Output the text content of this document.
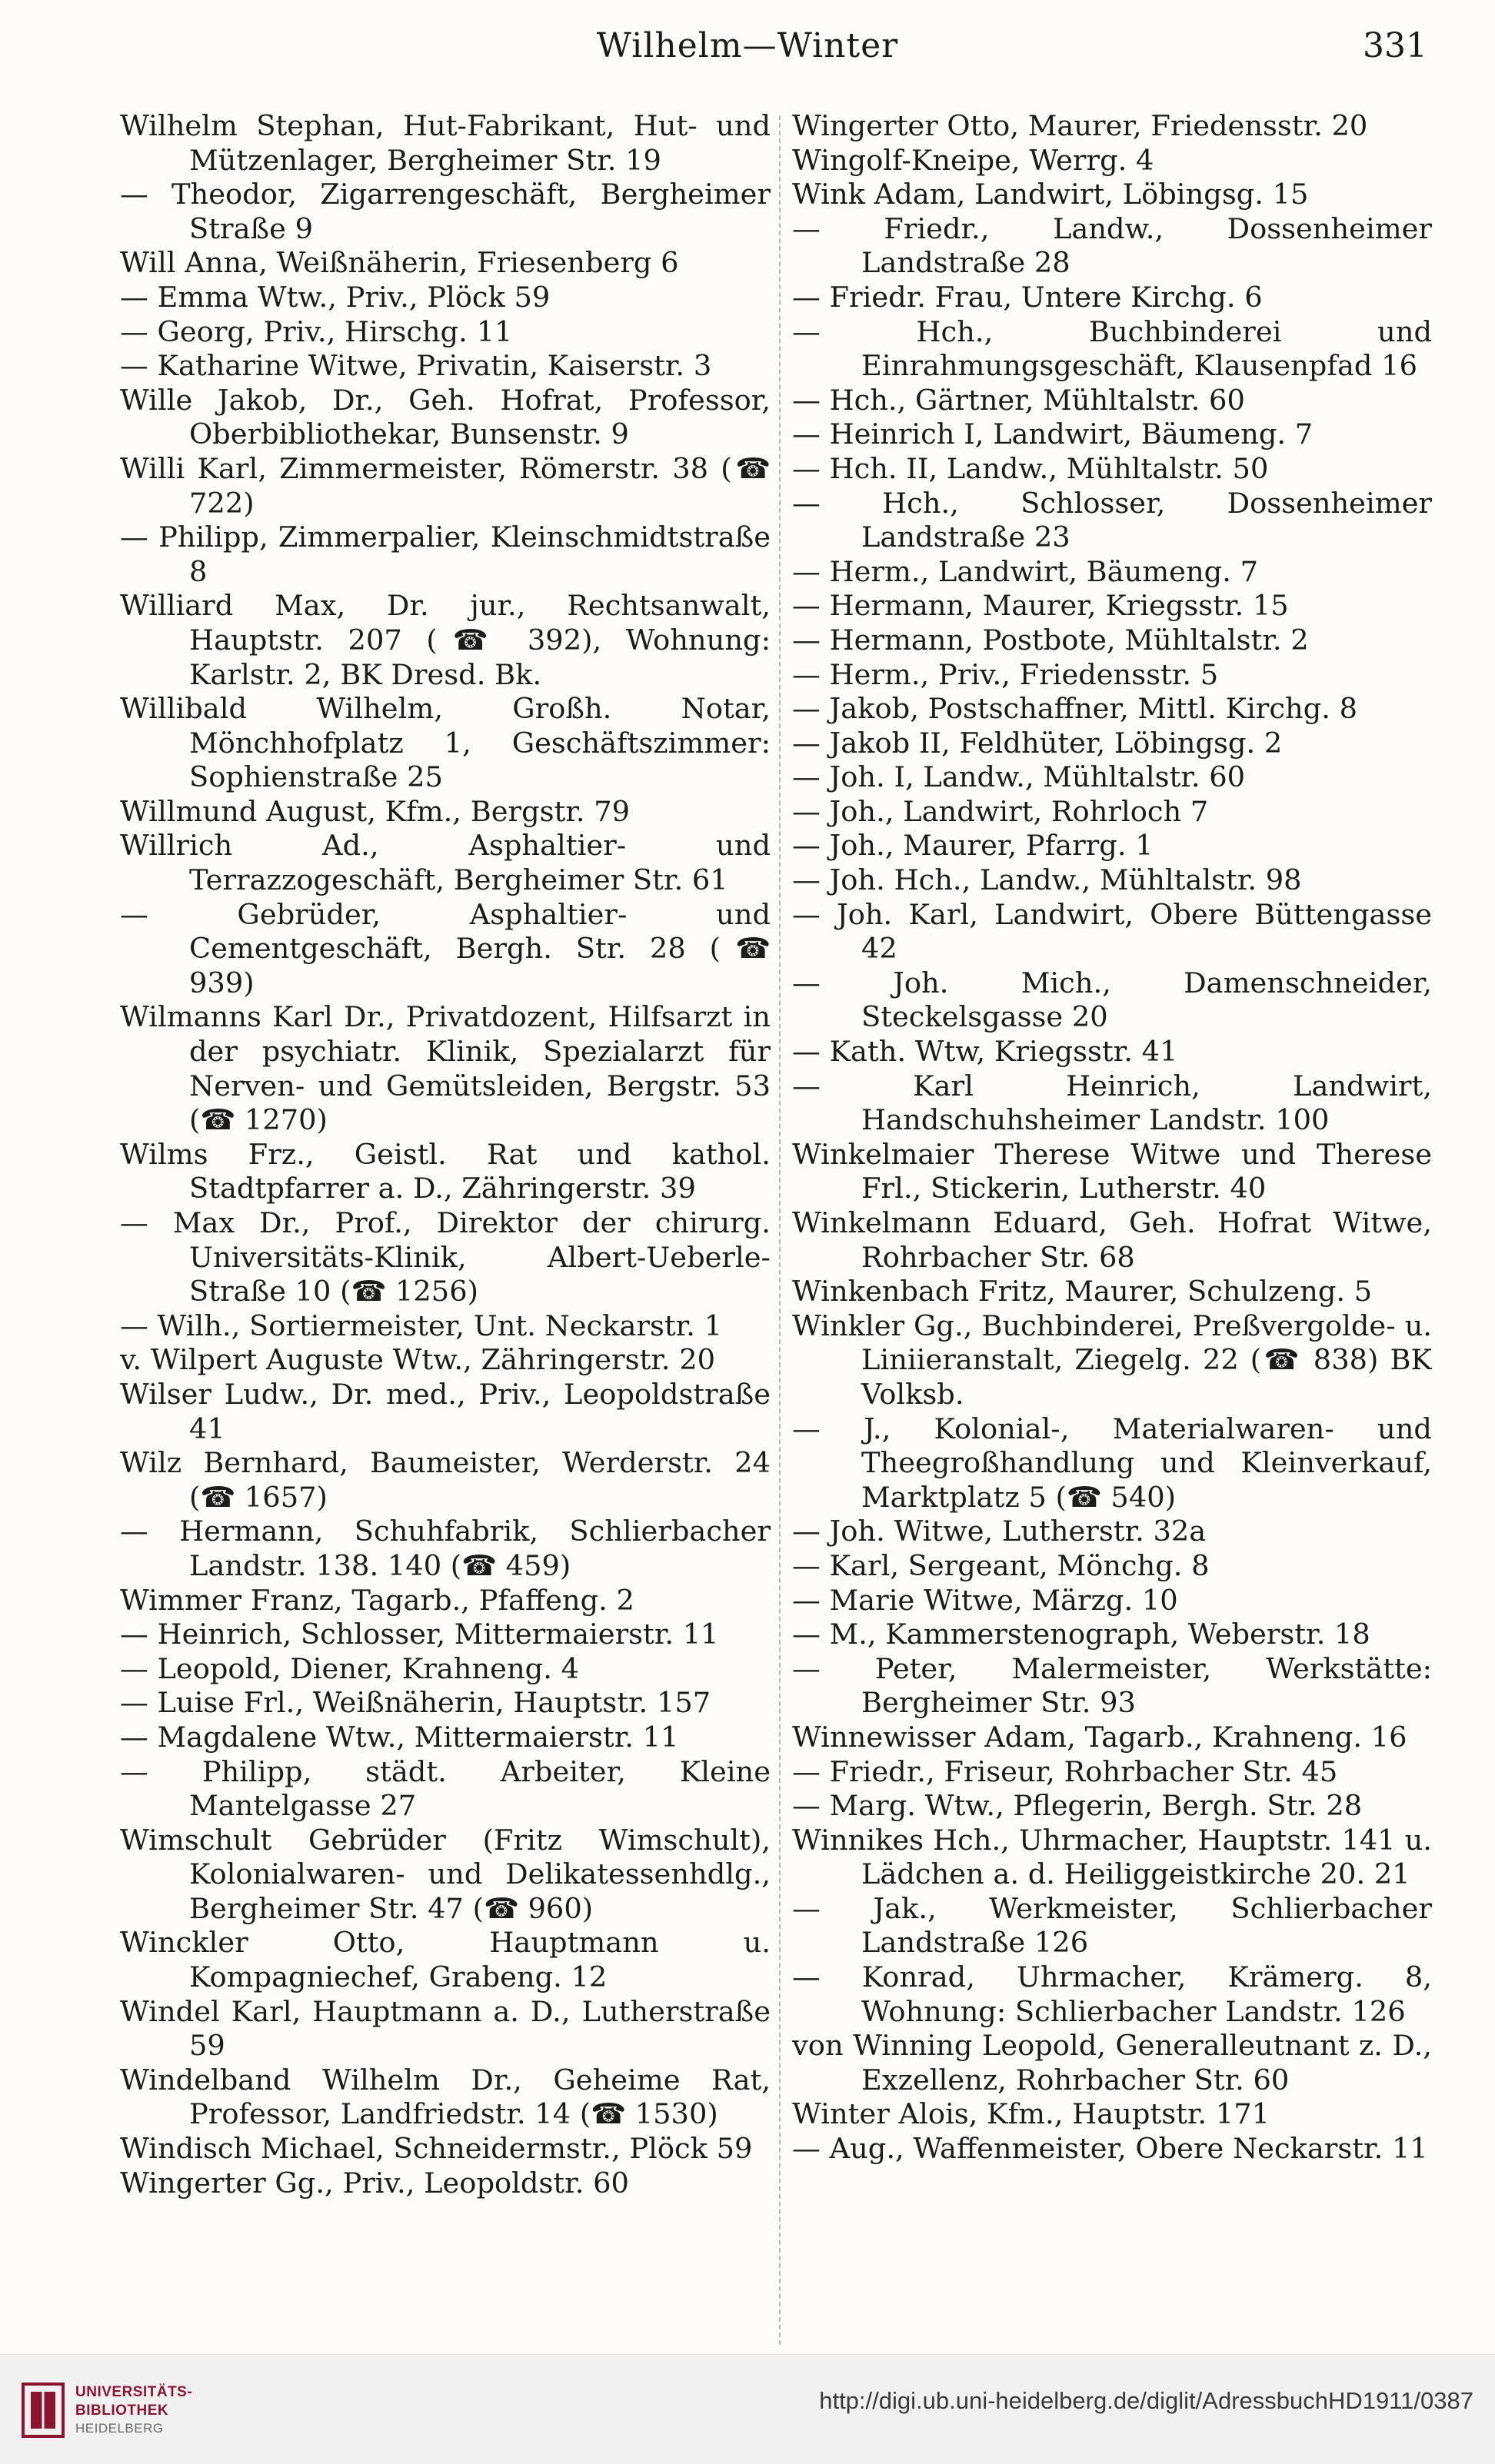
Wilhelm—Winter	331

Wilhelm Stephan, Hut-Fabrikant, Hut- und Mützenlager, Bergheimer Str. 19

— Theodor, Zigarrengeschäft, Bergheimer Straße 9

Will Anna, Weißnäherin, Friesenberg 6

— Emma Wtw., Priv., Plöck 59

— Georg, Priv., Hirschg. 11

— Katharine Witwe, Privatin, Kaiserstr. 3

Wille Jakob, Dr., Geh. Hofrat, Professor, Oberbibliothekar, Bunsenstr. 9

Willi Karl, Zimmermeister, Römerstr. 38 (☎ 722)

— Philipp, Zimmerpalier, Kleinschmidtstraße 8

Williard Max, Dr. jur., Rechtsanwalt, Hauptstr. 207 (☎ 392), Wohnung: Karlstr. 2, BK Dresd. Bk.

Willibald Wilhelm, Großh. Notar, Mönchhofplatz 1, Geschäftszimmer: Sophienstraße 25

Willmund August, Kfm., Bergstr. 79

Willrich Ad., Asphaltier- und Terrazzogeschäft, Bergheimer Str. 61

— Gebrüder, Asphaltier- und Cementgeschäft, Bergh. Str. 28 (☎ 939)

Wilmanns Karl Dr., Privatdozent, Hilfsarzt in der psychiatr. Klinik, Spezialarzt für Nerven- und Gemütsleiden, Bergstr. 53 (☎ 1270)

Wilms Frz., Geistl. Rat und kathol. Stadtpfarrer a. D., Zähringerstr. 39

— Max Dr., Prof., Direktor der chirurg. Universitäts-Klinik, Albert-Ueberle-Straße 10 (☎ 1256)

— Wilh., Sortiermeister, Unt. Neckarstr. 1

v. Wilpert Auguste Wtw., Zähringerstr. 20

Wilser Ludw., Dr. med., Priv., Leopoldstraße 41

Wilz Bernhard, Baumeister, Werderstr. 24 (☎ 1657)

— Hermann, Schuhfabrik, Schlierbacher Landstr. 138. 140 (☎ 459)

Wimmer Franz, Tagarb., Pfaffeng. 2

— Heinrich, Schlosser, Mittermaierstr. 11

— Leopold, Diener, Krahneng. 4

— Luise Frl., Weißnäherin, Hauptstr. 157

— Magdalene Wtw., Mittermaierstr. 11

— Philipp, städt. Arbeiter, Kleine Mantelgasse 27

Wimschult Gebrüder (Fritz Wimschult), Kolonialwaren- und Delikatessenhdlg., Bergheimer Str. 47 (☎ 960)

Winckler Otto, Hauptmann u. Kompagniechef, Grabeng. 12

Windel Karl, Hauptmann a. D., Lutherstraße 59

Windelband Wilhelm Dr., Geheime Rat, Professor, Landfriedstr. 14 (☎ 1530)

Windisch Michael, Schneidermstr., Plöck 59

Wingerter Gg., Priv., Leopoldstr. 60

Wingerter Otto, Maurer, Friedensstr. 20

Wingolf-Kneipe, Werrg. 4

Wink Adam, Landwirt, Löbingsg. 15

— Friedr., Landw., Dossenheimer Landstraße 28

— Friedr. Frau, Untere Kirchg. 6

— Hch., Buchbinderei und Einrahmungsgeschäft, Klausenpfad 16

— Hch., Gärtner, Mühltalstr. 60

— Heinrich I, Landwirt, Bäumeng. 7

— Hch. II, Landw., Mühltalstr. 50

— Hch., Schlosser, Dossenheimer Landstraße 23

— Herm., Landwirt, Bäumeng. 7

— Hermann, Maurer, Kriegsstr. 15

— Hermann, Postbote, Mühltalstr. 2

— Herm., Priv., Friedensstr. 5

— Jakob, Postschaffner, Mittl. Kirchg. 8

— Jakob II, Feldhüter, Löbingsg. 2

— Joh. I, Landw., Mühltalstr. 60

— Joh., Landwirt, Rohrloch 7

— Joh., Maurer, Pfarrg. 1

— Joh. Hch., Landw., Mühltalstr. 98

— Joh. Karl, Landwirt, Obere Büttengasse 42

— Joh. Mich., Damenschneider, Steckelsgasse 20

— Kath. Wtw, Kriegsstr. 41

— Karl Heinrich, Landwirt, Handschuhsheimer Landstr. 100

Winkelmaier Therese Witwe und Therese Frl., Stickerin, Lutherstr. 40

Winkelmann Eduard, Geh. Hofrat Witwe, Rohrbacher Str. 68

Winkenbach Fritz, Maurer, Schulzeng. 5

Winkler Gg., Buchbinderei, Preßvergolde- u. Liniieranstalt, Ziegelg. 22 (☎ 838) BK Volksb.

— J., Kolonial-, Materialwaren- und Theegroßhandlung und Kleinverkauf, Marktplatz 5 (☎ 540)

— Joh. Witwe, Lutherstr. 32a

— Karl, Sergeant, Mönchg. 8

— Marie Witwe, Märzg. 10

— M., Kammerstenograph, Weberstr. 18

— Peter, Malermeister, Werkstätte: Bergheimer Str. 93

Winnewisser Adam, Tagarb., Krahneng. 16

— Friedr., Friseur, Rohrbacher Str. 45

— Marg. Wtw., Pflegerin, Bergh. Str. 28

Winnikes Hch., Uhrmacher, Hauptstr. 141 u. Lädchen a. d. Heiliggeistkirche 20. 21

— Jak., Werkmeister, Schlierbacher Landstraße 126

— Konrad, Uhrmacher, Krämerg. 8, Wohnung: Schlierbacher Landstr. 126

von Winning Leopold, Generalleutnant z. D., Exzellenz, Rohrbacher Str. 60

Winter Alois, Kfm., Hauptstr. 171

— Aug., Waffenmeister, Obere Neckarstr. 11

UNIVERSITÄTS-
BIBLIOTHEK
HEIDELBERG
http://digi.ub.uni-heidelberg.de/diglit/AdressbuchHD1911/0387
